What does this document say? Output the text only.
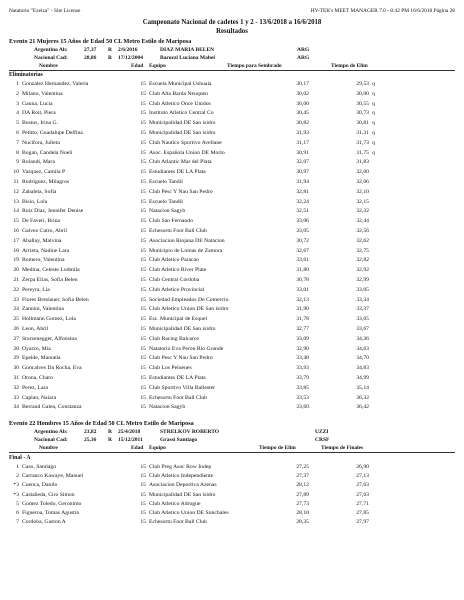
Natatorio "Ezeiza" - Site License	HY-TEK's MEET MANAGER 7.0 - 8:42 PM 16/6/2018 Página 28
Campeonato Nacional de cadetes 1 y 2 - 13/6/2018 a 16/6/2018
Resultados
Evento 21 Mujeres 15 Años de Edad 50 CL Metro Estilo de Mariposa
Argentino Ab:	27,37 R 2/6/2016	DIAZ MARIA BELEN	ARG
Nacional Cad:	28,86 R 17/12/2004	Barozzi Luciana Mabel	ARG
Nombre	Edad Equipo	Tiempo para Sembrado	Tiempo de Elim
Eliminatorias
1 Gonzalez Hernandez, Valeria	15 Escuela Municipal Ushuaia	30,17	29,53 q
2 Milano, Valentina	15 Club Alta Barda Neuquen	30,02	30,00 q
3 Gauna, Lucia	15 Club Atletico Once Unidos	30,00	30,55 q
4 DA Roit, Piera	15 Instituto Atletico Central Co	30,45	30,73 q
5 Bustos, Irina G.	15 Municipalidad DE San isidro	30,82	30,81 q
6 Petitto, Guadalupe Delfina	15 Municipalidad DE San isidro	31,93	31,31 q
7 Nucifora, Julieta	15 Club Nautico Sportivo Avellane	31,17	31,73 q
8 Bogan, Candela Noeli	15 Asoc. Española Union DE Morlo	30,91	31,75 q
9 Rolandi, Mara	15 Club Atlantic Mar del Plata	32,07	31,83
10 Vazquez, Camila P	15 Estudiantes DE LA Plata	30,97	32,00
11 Rodriguez, Milagros	15 Escuelo Tandil	31,94	32,06
12 Zabaleta, Sofia	15 Club Pesc Y Nau San Pedro	32,81	32,10
13 Bisio, Lola	15 Escuelo Tandil	32,24	32,15
14 Ruiz Diaz, Jennifer Denise	15 Natacion Sagyb	32,51	32,32
15 De Faveri, Brina	15 Club San Fernando	33,06	32,44
16 Galvez Cutro, Abril	15 Echesortu Foot Ball Club	33,05	32,56
17 Aballay, Malvina	15 Asociacion Riojana DE Natacion	30,72	32,62
18 Arrieta, Nadine Lara	15 Municipio de Lomas de Zamora	32,67	32,75
19 Romero, Valentina	15 Club Atletico Paracao	33,61	32,82
20 Medina, Celeste Ludmila	15 Club Atletico River Plate	31,80	32,92
21 Zerpa Elias, Sofia Belen	15 Club Central Cordoba	30,78	32,99
22 Pereyra, Lia	15 Club Atletico Provincial	33,01	33,05
23 Flores Breslauer, Sofia Belen	15 Sociedad Empleados De Comercio	32,13	33,34
24 Zannini, Valentina	15 Club Atletico Union DE San isidro	31,90	33,37
25 Hollmann Gomez, Lola	15 Esc. Municipal de Esquel	31,78	33,65
26 Leon, Abril	15 Municipalidad DE San isidro	32,77	33,67
27 Sturzenegger, Alfonsina	15 Club Racing Balcarce	33,09	34,36
28 Oyarzo, Mia	15 Natatorio Eva Peron Rio Grande	32,90	34,63
29 Epelde, Manuela	15 Club Pesc Y Nau San Pedro	33,48	34,70
30 Goncalves Da Rocha, Eva	15 Club Los Peluenes	33,93	34,83
31 Orona, Charo	15 Estudiantes DE LA Plata	33,79	34,99
32 Perez, Lara	15 Club Sportivo Villa Ballester	33,85	35,14
33 Caplan, Naiara	15 Echesortu Foot Ball Club	33,53	36,32
34 Berraud Galea, Constanza	15 Natacion Sagyb	33,60	36,42
Evento 22 Hombres 15 Años de Edad 50 CL Metro Estilo de Mariposa
Argentino Ab:	23,82 R 25/4/2018	STRELKOV ROBERTO	UZZI
Nacional Cad:	25,36 R 15/12/2011	Grassi Santiago	CRSF
Nombre	Edad Equipo	Tiempo de Elim	Tiempo de Finales
Final - A
1 Caso, Santiago	15 Club Preg Asoc Row Indep	27,25	26,90
2 Carranco Kawaye, Manuel	15 Club Atletico Independiente	27,37	27,13
*3 Cuenca, Danilo	15 Asociacion Deportiva Azenas	28,12	27,63
*3 Castañeda, Ciro Simon	15 Municipalidad DE San isidro	27,89	27,63
5 Gomez Toledo, Geronimo	15 Club Atletico Adrogue	27,73	27,71
6 Figueroa, Tomas Agustin	15 Club Atletico Union DE Sunchales	28,10	27,85
7 Cordoba, Gaston A	15 Echesortu Foot Ball Club	28,35	27,97
